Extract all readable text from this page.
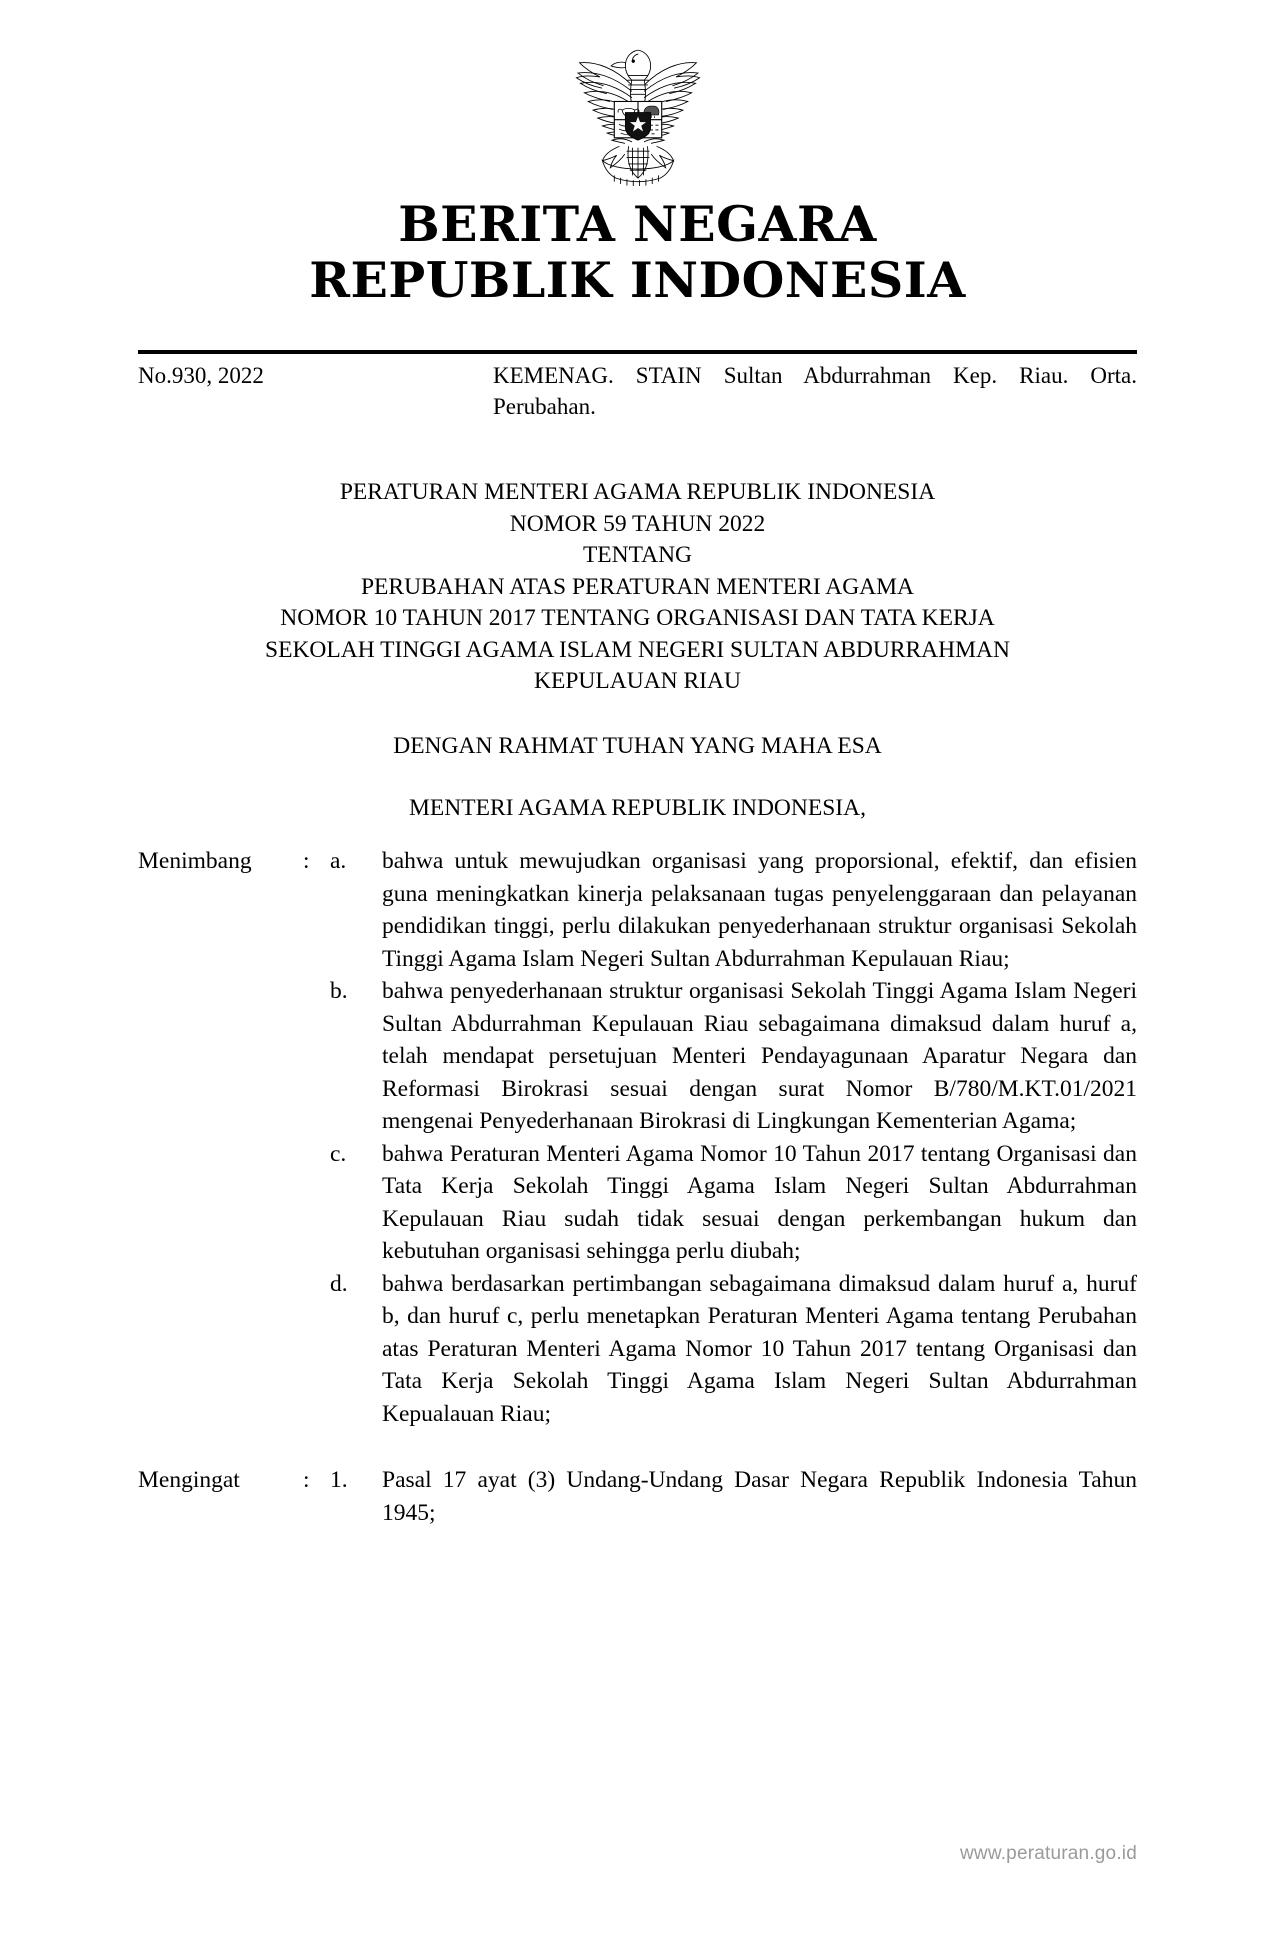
BERITA NEGARA
REPUBLIK INDONESIA
No.930, 2022	KEMENAG. STAIN Sultan Abdurrahman Kep. Riau. Orta. Perubahan.
PERATURAN MENTERI AGAMA REPUBLIK INDONESIA
NOMOR 59 TAHUN 2022
TENTANG
PERUBAHAN ATAS PERATURAN MENTERI AGAMA
NOMOR 10 TAHUN 2017 TENTANG ORGANISASI DAN TATA KERJA
SEKOLAH TINGGI AGAMA ISLAM NEGERI SULTAN ABDURRAHMAN
KEPULAUAN RIAU
DENGAN RAHMAT TUHAN YANG MAHA ESA
MENTERI AGAMA REPUBLIK INDONESIA,
Menimbang	: a.	bahwa untuk mewujudkan organisasi yang proporsional, efektif, dan efisien guna meningkatkan kinerja pelaksanaan tugas penyelenggaraan dan pelayanan pendidikan tinggi, perlu dilakukan penyederhanaan struktur organisasi Sekolah Tinggi Agama Islam Negeri Sultan Abdurrahman Kepulauan Riau;
b.	bahwa penyederhanaan struktur organisasi Sekolah Tinggi Agama Islam Negeri Sultan Abdurrahman Kepulauan Riau sebagaimana dimaksud dalam huruf a, telah mendapat persetujuan Menteri Pendayagunaan Aparatur Negara dan Reformasi Birokrasi sesuai dengan surat Nomor B/780/M.KT.01/2021 mengenai Penyederhanaan Birokrasi di Lingkungan Kementerian Agama;
c.	bahwa Peraturan Menteri Agama Nomor 10 Tahun 2017 tentang Organisasi dan Tata Kerja Sekolah Tinggi Agama Islam Negeri Sultan Abdurrahman Kepulauan Riau sudah tidak sesuai dengan perkembangan hukum dan kebutuhan organisasi sehingga perlu diubah;
d.	bahwa berdasarkan pertimbangan sebagaimana dimaksud dalam huruf a, huruf b, dan huruf c, perlu menetapkan Peraturan Menteri Agama tentang Perubahan atas Peraturan Menteri Agama Nomor 10 Tahun 2017 tentang Organisasi dan Tata Kerja Sekolah Tinggi Agama Islam Negeri Sultan Abdurrahman Kepualauan Riau;
Mengingat	: 1.	Pasal 17 ayat (3) Undang-Undang Dasar Negara Republik Indonesia Tahun 1945;
www.peraturan.go.id
